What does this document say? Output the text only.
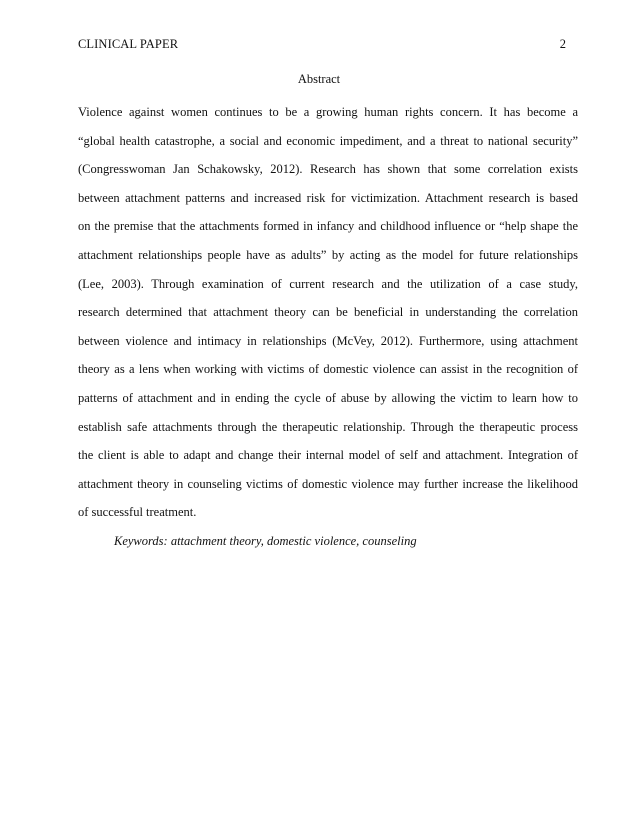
CLINICAL PAPER	2
Abstract
Violence against women continues to be a growing human rights concern. It has become a
“global health catastrophe, a social and economic impediment, and a threat to national security”
(Congresswoman Jan Schakowsky, 2012). Research has shown that some correlation exists
between attachment patterns and increased risk for victimization. Attachment research is based
on the premise that the attachments formed in infancy and childhood influence or “help shape the
attachment relationships people have as adults” by acting as the model for future relationships
(Lee, 2003). Through examination of current research and the utilization of a case study,
research determined that attachment theory can be beneficial in understanding the correlation
between violence and intimacy in relationships (McVey, 2012). Furthermore, using attachment
theory as a lens when working with victims of domestic violence can assist in the recognition of
patterns of attachment and in ending the cycle of abuse by allowing the victim to learn how to
establish safe attachments through the therapeutic relationship. Through the therapeutic process
the client is able to adapt and change their internal model of self and attachment. Integration of
attachment theory in counseling victims of domestic violence may further increase the likelihood
of successful treatment.
Keywords: attachment theory, domestic violence, counseling
